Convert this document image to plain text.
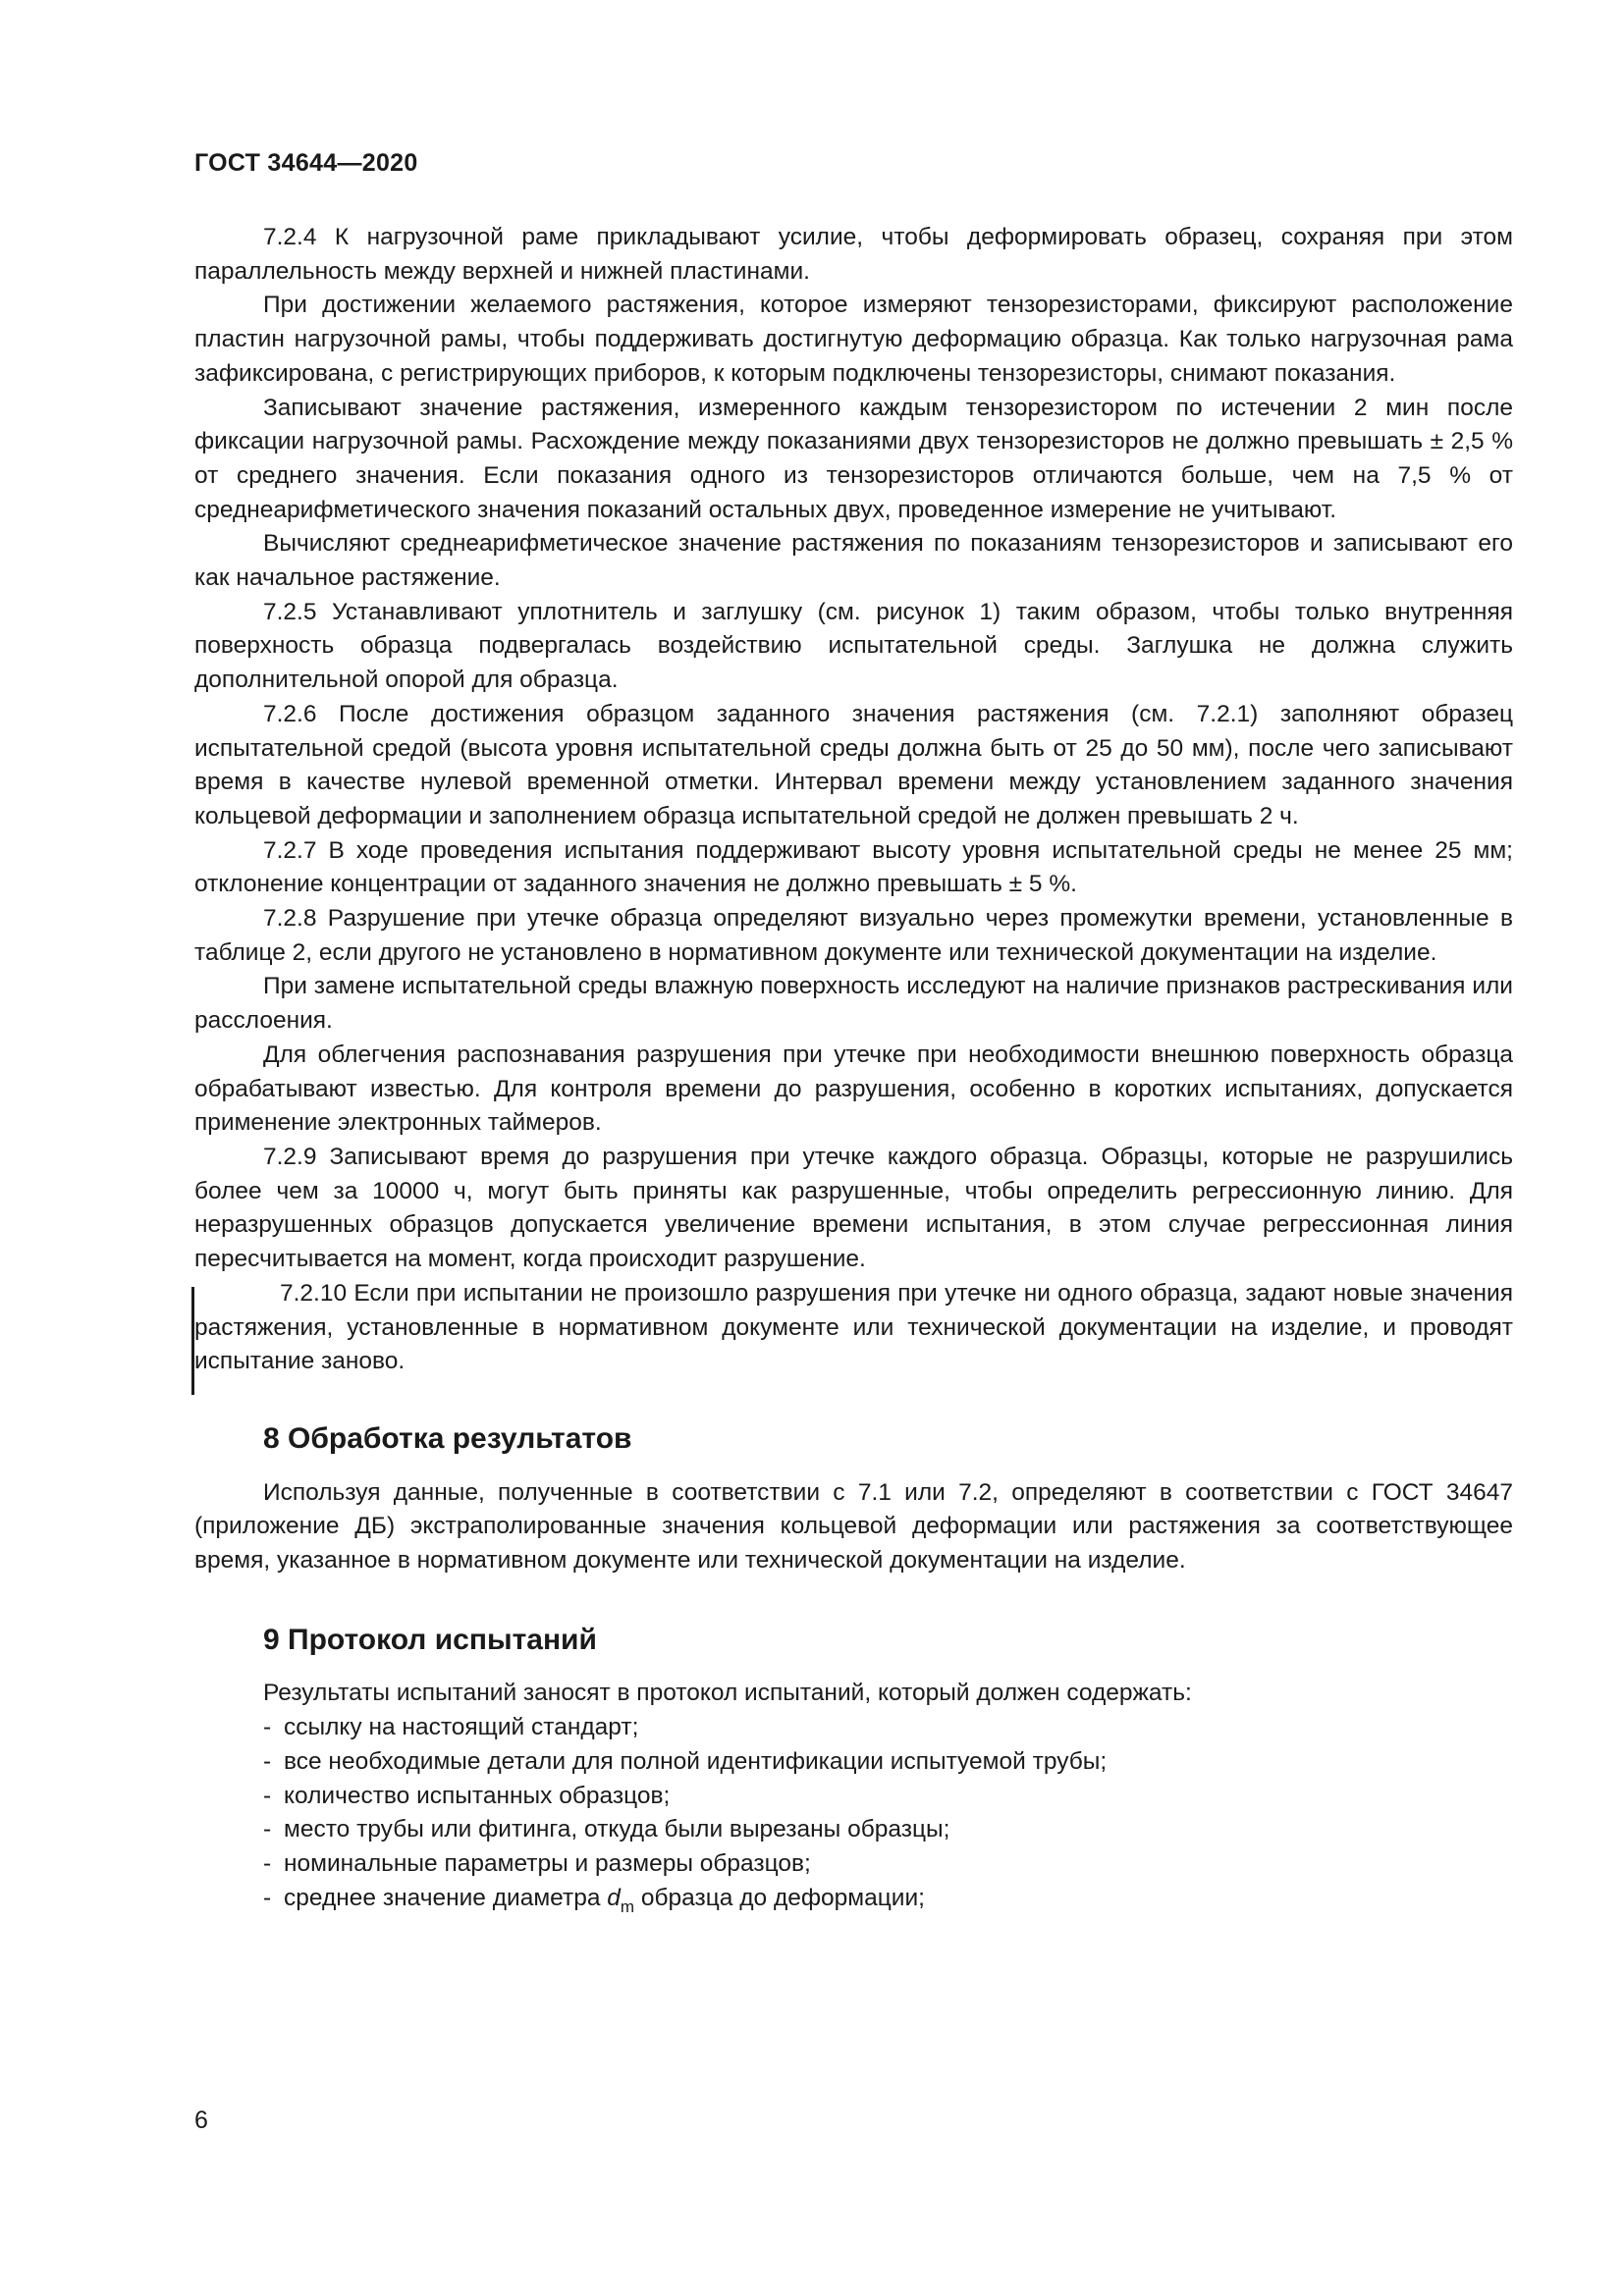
ГОСТ 34644—2020

7.2.4 К нагрузочной раме прикладывают усилие, чтобы деформировать образец, сохраняя при этом параллельность между верхней и нижней пластинами.

При достижении желаемого растяжения, которое измеряют тензорезисторами, фиксируют расположение пластин нагрузочной рамы, чтобы поддерживать достигнутую деформацию образца. Как только нагрузочная рама зафиксирована, с регистрирующих приборов, к которым подключены тензорезисторы, снимают показания.

Записывают значение растяжения, измеренного каждым тензорезистором по истечении 2 мин после фиксации нагрузочной рамы. Расхождение между показаниями двух тензорезисторов не должно превышать ± 2,5 % от среднего значения. Если показания одного из тензорезисторов отличаются больше, чем на 7,5 % от среднеарифметического значения показаний остальных двух, проведенное измерение не учитывают.

Вычисляют среднеарифметическое значение растяжения по показаниям тензорезисторов и записывают его как начальное растяжение.

7.2.5 Устанавливают уплотнитель и заглушку (см. рисунок 1) таким образом, чтобы только внутренняя поверхность образца подвергалась воздействию испытательной среды. Заглушка не должна служить дополнительной опорой для образца.

7.2.6 После достижения образцом заданного значения растяжения (см. 7.2.1) заполняют образец испытательной средой (высота уровня испытательной среды должна быть от 25 до 50 мм), после чего записывают время в качестве нулевой временной отметки. Интервал времени между установлением заданного значения кольцевой деформации и заполнением образца испытательной средой не должен превышать 2 ч.

7.2.7 В ходе проведения испытания поддерживают высоту уровня испытательной среды не менее 25 мм; отклонение концентрации от заданного значения не должно превышать ± 5 %.

7.2.8 Разрушение при утечке образца определяют визуально через промежутки времени, установленные в таблице 2, если другого не установлено в нормативном документе или технической документации на изделие.

При замене испытательной среды влажную поверхность исследуют на наличие признаков растрескивания или расслоения.

Для облегчения распознавания разрушения при утечке при необходимости внешнюю поверхность образца обрабатывают известью. Для контроля времени до разрушения, особенно в коротких испытаниях, допускается применение электронных таймеров.

7.2.9 Записывают время до разрушения при утечке каждого образца. Образцы, которые не разрушились более чем за 10000 ч, могут быть приняты как разрушенные, чтобы определить регрессионную линию. Для неразрушенных образцов допускается увеличение времени испытания, в этом случае регрессионная линия пересчитывается на момент, когда происходит разрушение.

7.2.10 Если при испытании не произошло разрушения при утечке ни одного образца, задают новые значения растяжения, установленные в нормативном документе или технической документации на изделие, и проводят испытание заново.

8 Обработка результатов

Используя данные, полученные в соответствии с 7.1 или 7.2, определяют в соответствии с ГОСТ 34647 (приложение ДБ) экстраполированные значения кольцевой деформации или растяжения за соответствующее время, указанное в нормативном документе или технической документации на изделие.

9 Протокол испытаний
Результаты испытаний заносят в протокол испытаний, который должен содержать:
- ссылку на настоящий стандарт;
- все необходимые детали для полной идентификации испытуемой трубы;
- количество испытанных образцов;
- место трубы или фитинга, откуда были вырезаны образцы;
- номинальные параметры и размеры образцов;
- среднее значение диаметра $d_m$ образца до деформации;
6
